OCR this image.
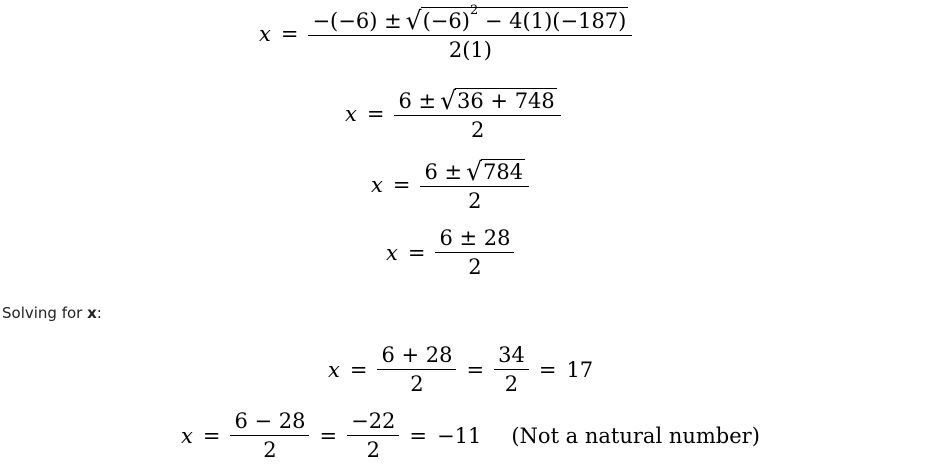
$x = \frac{-(-6) \pm √ (-6)^2 - 4(1)(-187)}{2(1)}$
$x = \frac{6 \pm √ 36 + 748}{2}$
$x = \frac{6 \pm √ 784}{2}$
$x = \frac{6 \pm 28}{2}$
Solving for x:
$x = \frac{6 + 28}{2} = \frac{34}{2} = 17$
$x = \frac{6 - 28}{2} = \frac{-22}{2} = -11$ (Not a natural number)
